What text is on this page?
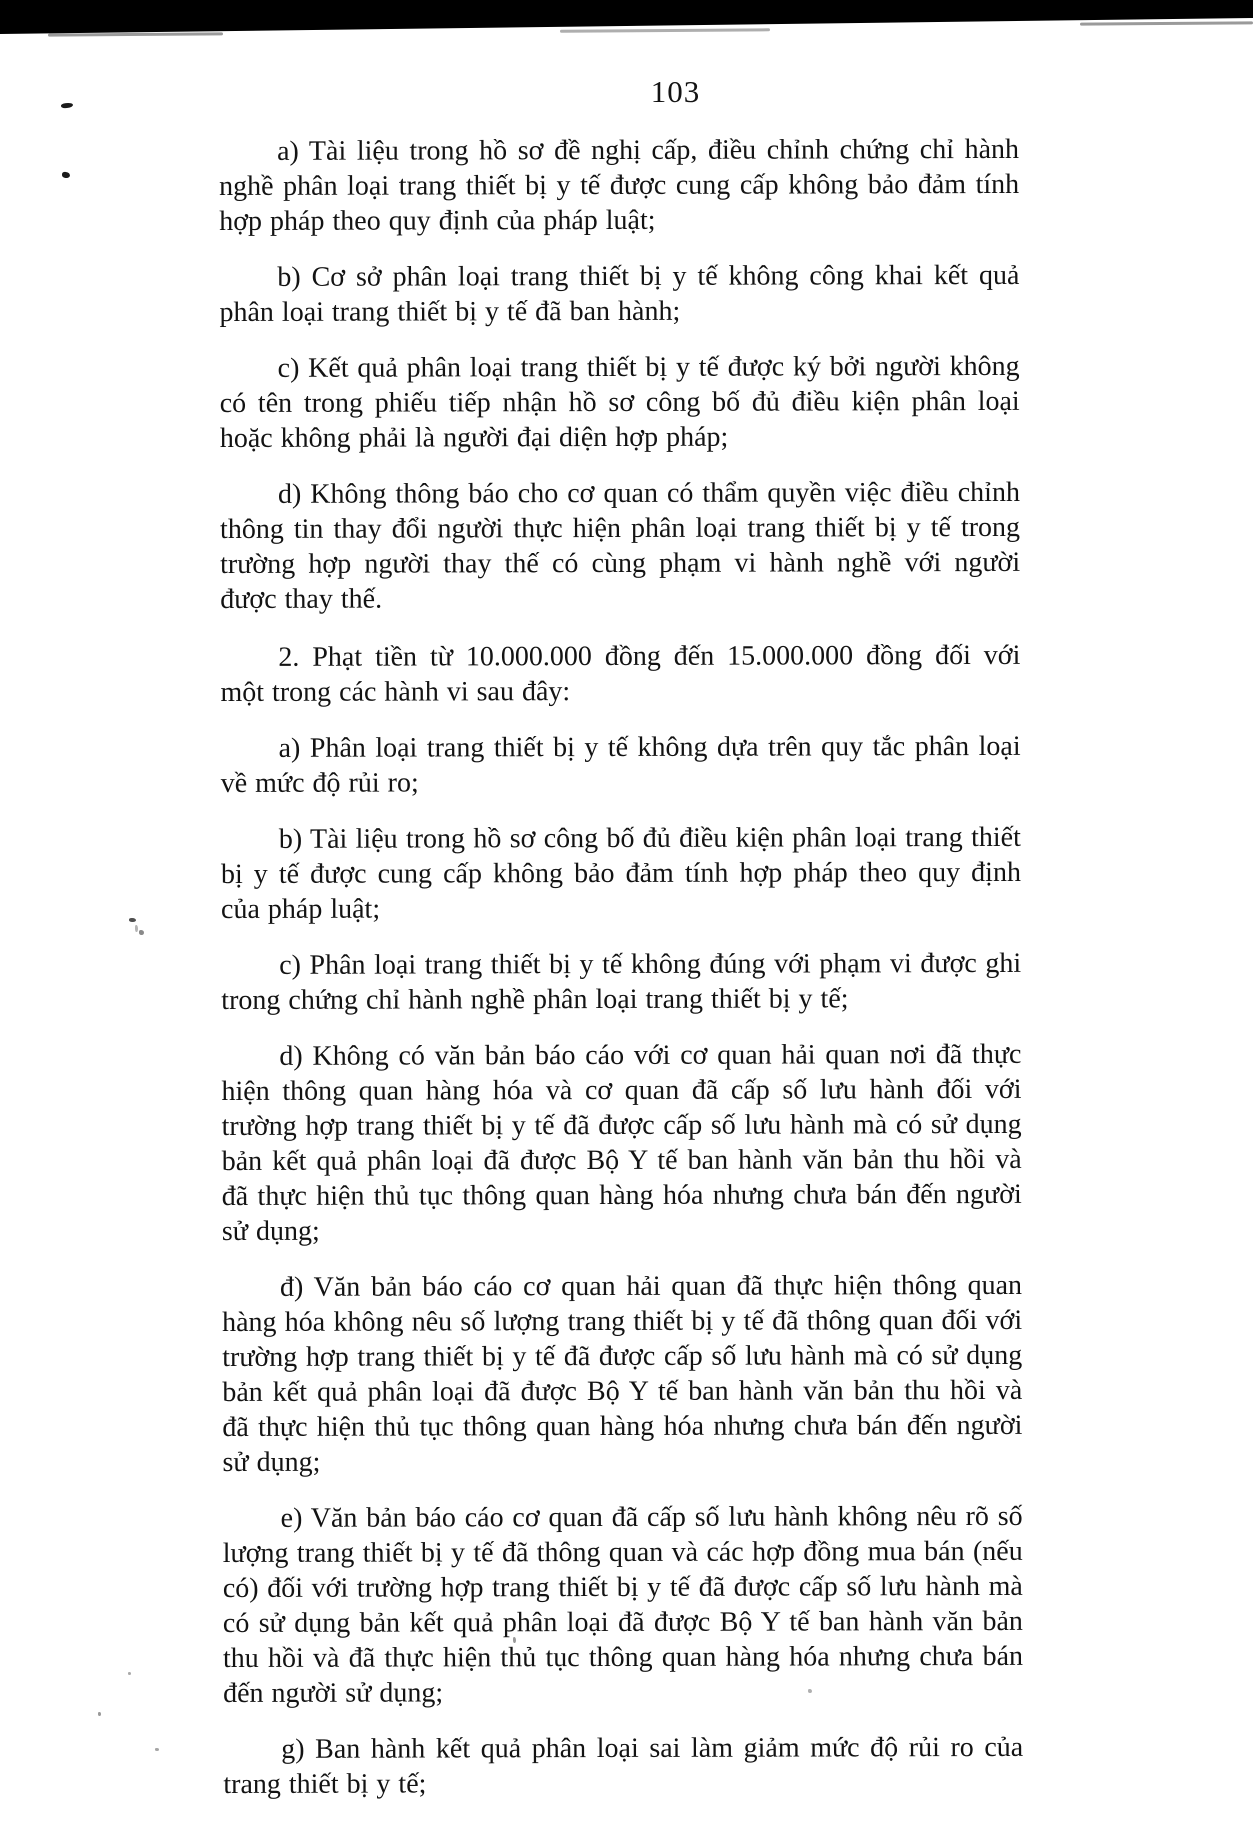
103

a) Tài liệu trong hồ sơ đề nghị cấp, điều chỉnh chứng chỉ hành nghề phân loại trang thiết bị y tế được cung cấp không bảo đảm tính hợp pháp theo quy định của pháp luật;

b) Cơ sở phân loại trang thiết bị y tế không công khai kết quả phân loại trang thiết bị y tế đã ban hành;

c) Kết quả phân loại trang thiết bị y tế được ký bởi người không có tên trong phiếu tiếp nhận hồ sơ công bố đủ điều kiện phân loại hoặc không phải là người đại diện hợp pháp;

d) Không thông báo cho cơ quan có thẩm quyền việc điều chỉnh thông tin thay đổi người thực hiện phân loại trang thiết bị y tế trong trường hợp người thay thế có cùng phạm vi hành nghề với người được thay thế.

2. Phạt tiền từ 10.000.000 đồng đến 15.000.000 đồng đối với một trong các hành vi sau đây:

a) Phân loại trang thiết bị y tế không dựa trên quy tắc phân loại về mức độ rủi ro;

b) Tài liệu trong hồ sơ công bố đủ điều kiện phân loại trang thiết bị y tế được cung cấp không bảo đảm tính hợp pháp theo quy định của pháp luật;

c) Phân loại trang thiết bị y tế không đúng với phạm vi được ghi trong chứng chỉ hành nghề phân loại trang thiết bị y tế;

d) Không có văn bản báo cáo với cơ quan hải quan nơi đã thực hiện thông quan hàng hóa và cơ quan đã cấp số lưu hành đối với trường hợp trang thiết bị y tế đã được cấp số lưu hành mà có sử dụng bản kết quả phân loại đã được Bộ Y tế ban hành văn bản thu hồi và đã thực hiện thủ tục thông quan hàng hóa nhưng chưa bán đến người sử dụng;

đ) Văn bản báo cáo cơ quan hải quan đã thực hiện thông quan hàng hóa không nêu số lượng trang thiết bị y tế đã thông quan đối với trường hợp trang thiết bị y tế đã được cấp số lưu hành mà có sử dụng bản kết quả phân loại đã được Bộ Y tế ban hành văn bản thu hồi và đã thực hiện thủ tục thông quan hàng hóa nhưng chưa bán đến người sử dụng;

e) Văn bản báo cáo cơ quan đã cấp số lưu hành không nêu rõ số lượng trang thiết bị y tế đã thông quan và các hợp đồng mua bán (nếu có) đối với trường hợp trang thiết bị y tế đã được cấp số lưu hành mà có sử dụng bản kết quả phân loại đã được Bộ Y tế ban hành văn bản thu hồi và đã thực hiện thủ tục thông quan hàng hóa nhưng chưa bán đến người sử dụng;

g) Ban hành kết quả phân loại sai làm giảm mức độ rủi ro của trang thiết bị y tế;
